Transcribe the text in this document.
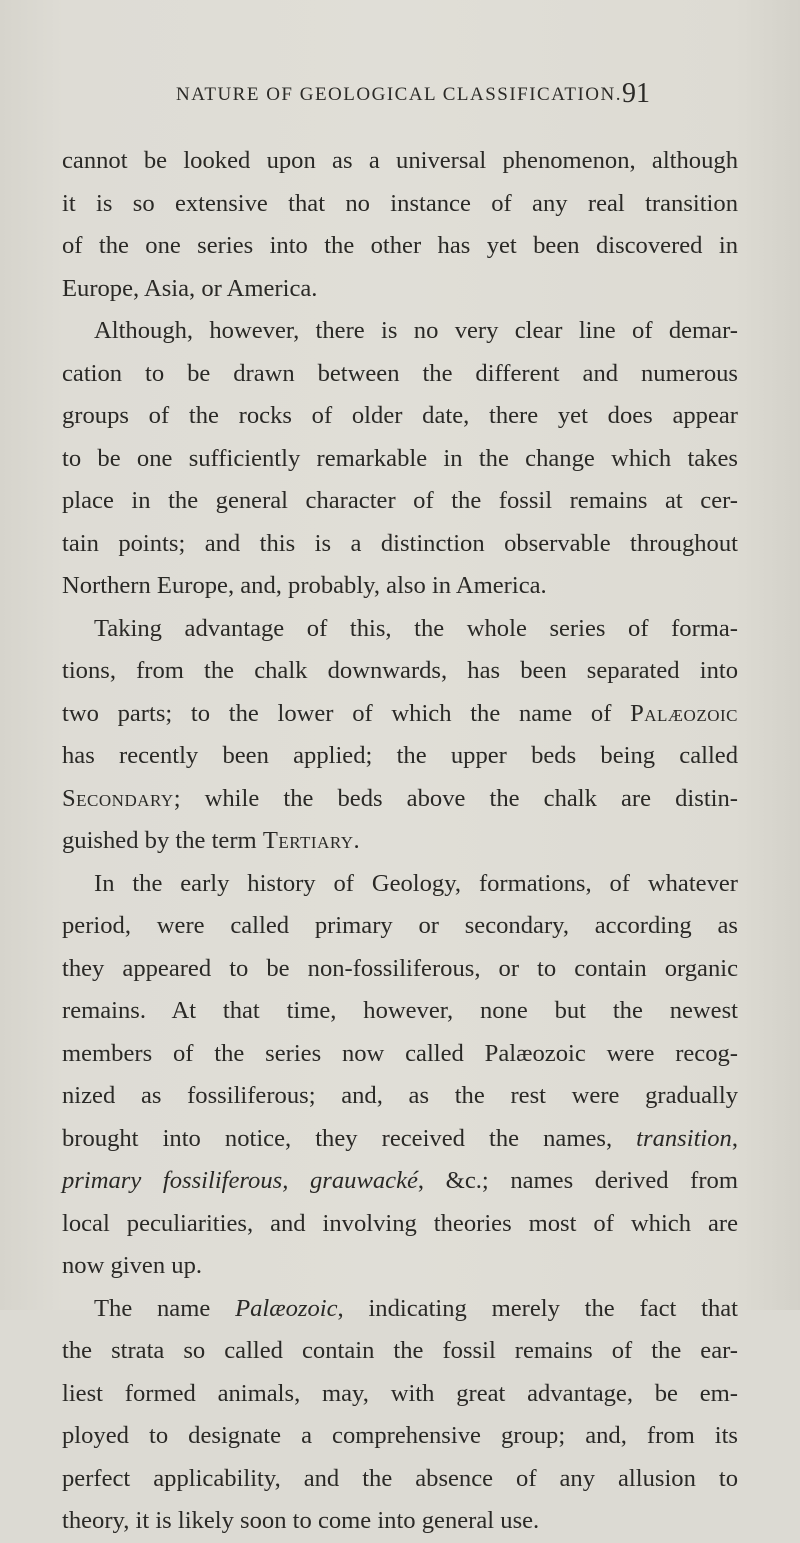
NATURE OF GEOLOGICAL CLASSIFICATION. 91
cannot be looked upon as a universal phenomenon, although
it is so extensive that no instance of any real transition
of the one series into the other has yet been discovered in
Europe, Asia, or America.
Although, however, there is no very clear line of demar-
cation to be drawn between the different and numerous
groups of the rocks of older date, there yet does appear
to be one sufficiently remarkable in the change which takes
place in the general character of the fossil remains at cer-
tain points; and this is a distinction observable throughout
Northern Europe, and, probably, also in America.
Taking advantage of this, the whole series of forma-
tions, from the chalk downwards, has been separated into
two parts; to the lower of which the name of Palæozoic
has recently been applied; the upper beds being called
Secondary; while the beds above the chalk are distin-
guished by the term Tertiary.
In the early history of Geology, formations, of whatever
period, were called primary or secondary, according as
they appeared to be non-fossiliferous, or to contain organic
remains. At that time, however, none but the newest
members of the series now called Palæozoic were recog-
nized as fossiliferous; and, as the rest were gradually
brought into notice, they received the names, transition,
primary fossiliferous, grauwacké, &c.; names derived from
local peculiarities, and involving theories most of which are
now given up.
The name Palæozoic, indicating merely the fact that
the strata so called contain the fossil remains of the ear-
liest formed animals, may, with great advantage, be em-
ployed to designate a comprehensive group; and, from its
perfect applicability, and the absence of any allusion to
theory, it is likely soon to come into general use.
